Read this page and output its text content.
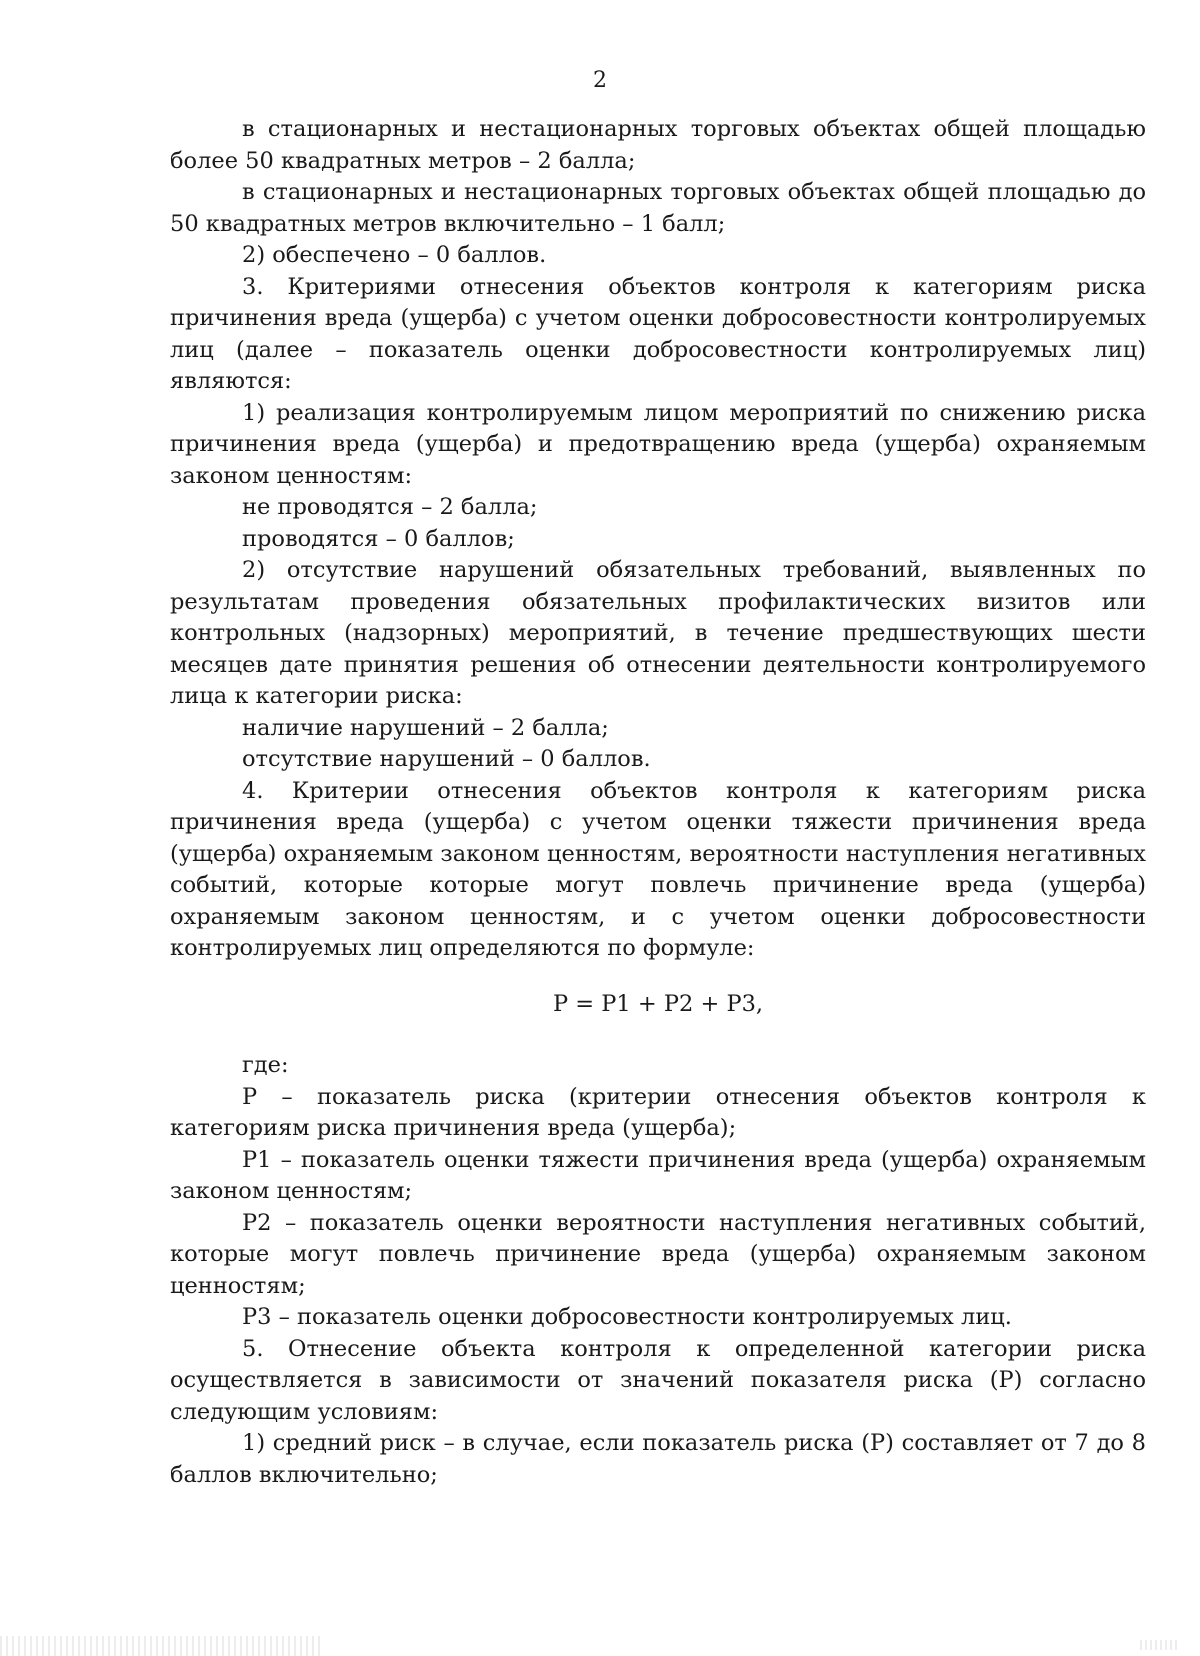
2

в стационарных и нестационарных торговых объектах общей площадью более 50 квадратных метров – 2 балла;

в стационарных и нестационарных торговых объектах общей площадью до 50 квадратных метров включительно – 1 балл;

2) обеспечено – 0 баллов.

3. Критериями отнесения объектов контроля к категориям риска причинения вреда (ущерба) с учетом оценки добросовестности контролируемых лиц (далее – показатель оценки добросовестности контролируемых лиц) являются:

1) реализация контролируемым лицом мероприятий по снижению риска причинения вреда (ущерба) и предотвращению вреда (ущерба) охраняемым законом ценностям:

не проводятся – 2 балла;

проводятся – 0 баллов;

2) отсутствие нарушений обязательных требований, выявленных по результатам проведения обязательных профилактических визитов или контрольных (надзорных) мероприятий, в течение предшествующих шести месяцев дате принятия решения об отнесении деятельности контролируемого лица к категории риска:

наличие нарушений – 2 балла;

отсутствие нарушений – 0 баллов.

4. Критерии отнесения объектов контроля к категориям риска причинения вреда (ущерба) с учетом оценки тяжести причинения вреда (ущерба) охраняемым законом ценностям, вероятности наступления негативных событий, которые которые могут повлечь причинение вреда (ущерба) охраняемым законом ценностям, и с учетом оценки добросовестности контролируемых лиц определяются по формуле:

P = P1 + P2 + P3,

где:

P – показатель риска (критерии отнесения объектов контроля к категориям риска причинения вреда (ущерба);

P1 – показатель оценки тяжести причинения вреда (ущерба) охраняемым законом ценностям;

P2 – показатель оценки вероятности наступления негативных событий, которые могут повлечь причинение вреда (ущерба) охраняемым законом ценностям;

P3 – показатель оценки добросовестности контролируемых лиц.

5. Отнесение объекта контроля к определенной категории риска осуществляется в зависимости от значений показателя риска (P) согласно следующим условиям:

1) средний риск – в случае, если показатель риска (P) составляет от 7 до 8 баллов включительно;
